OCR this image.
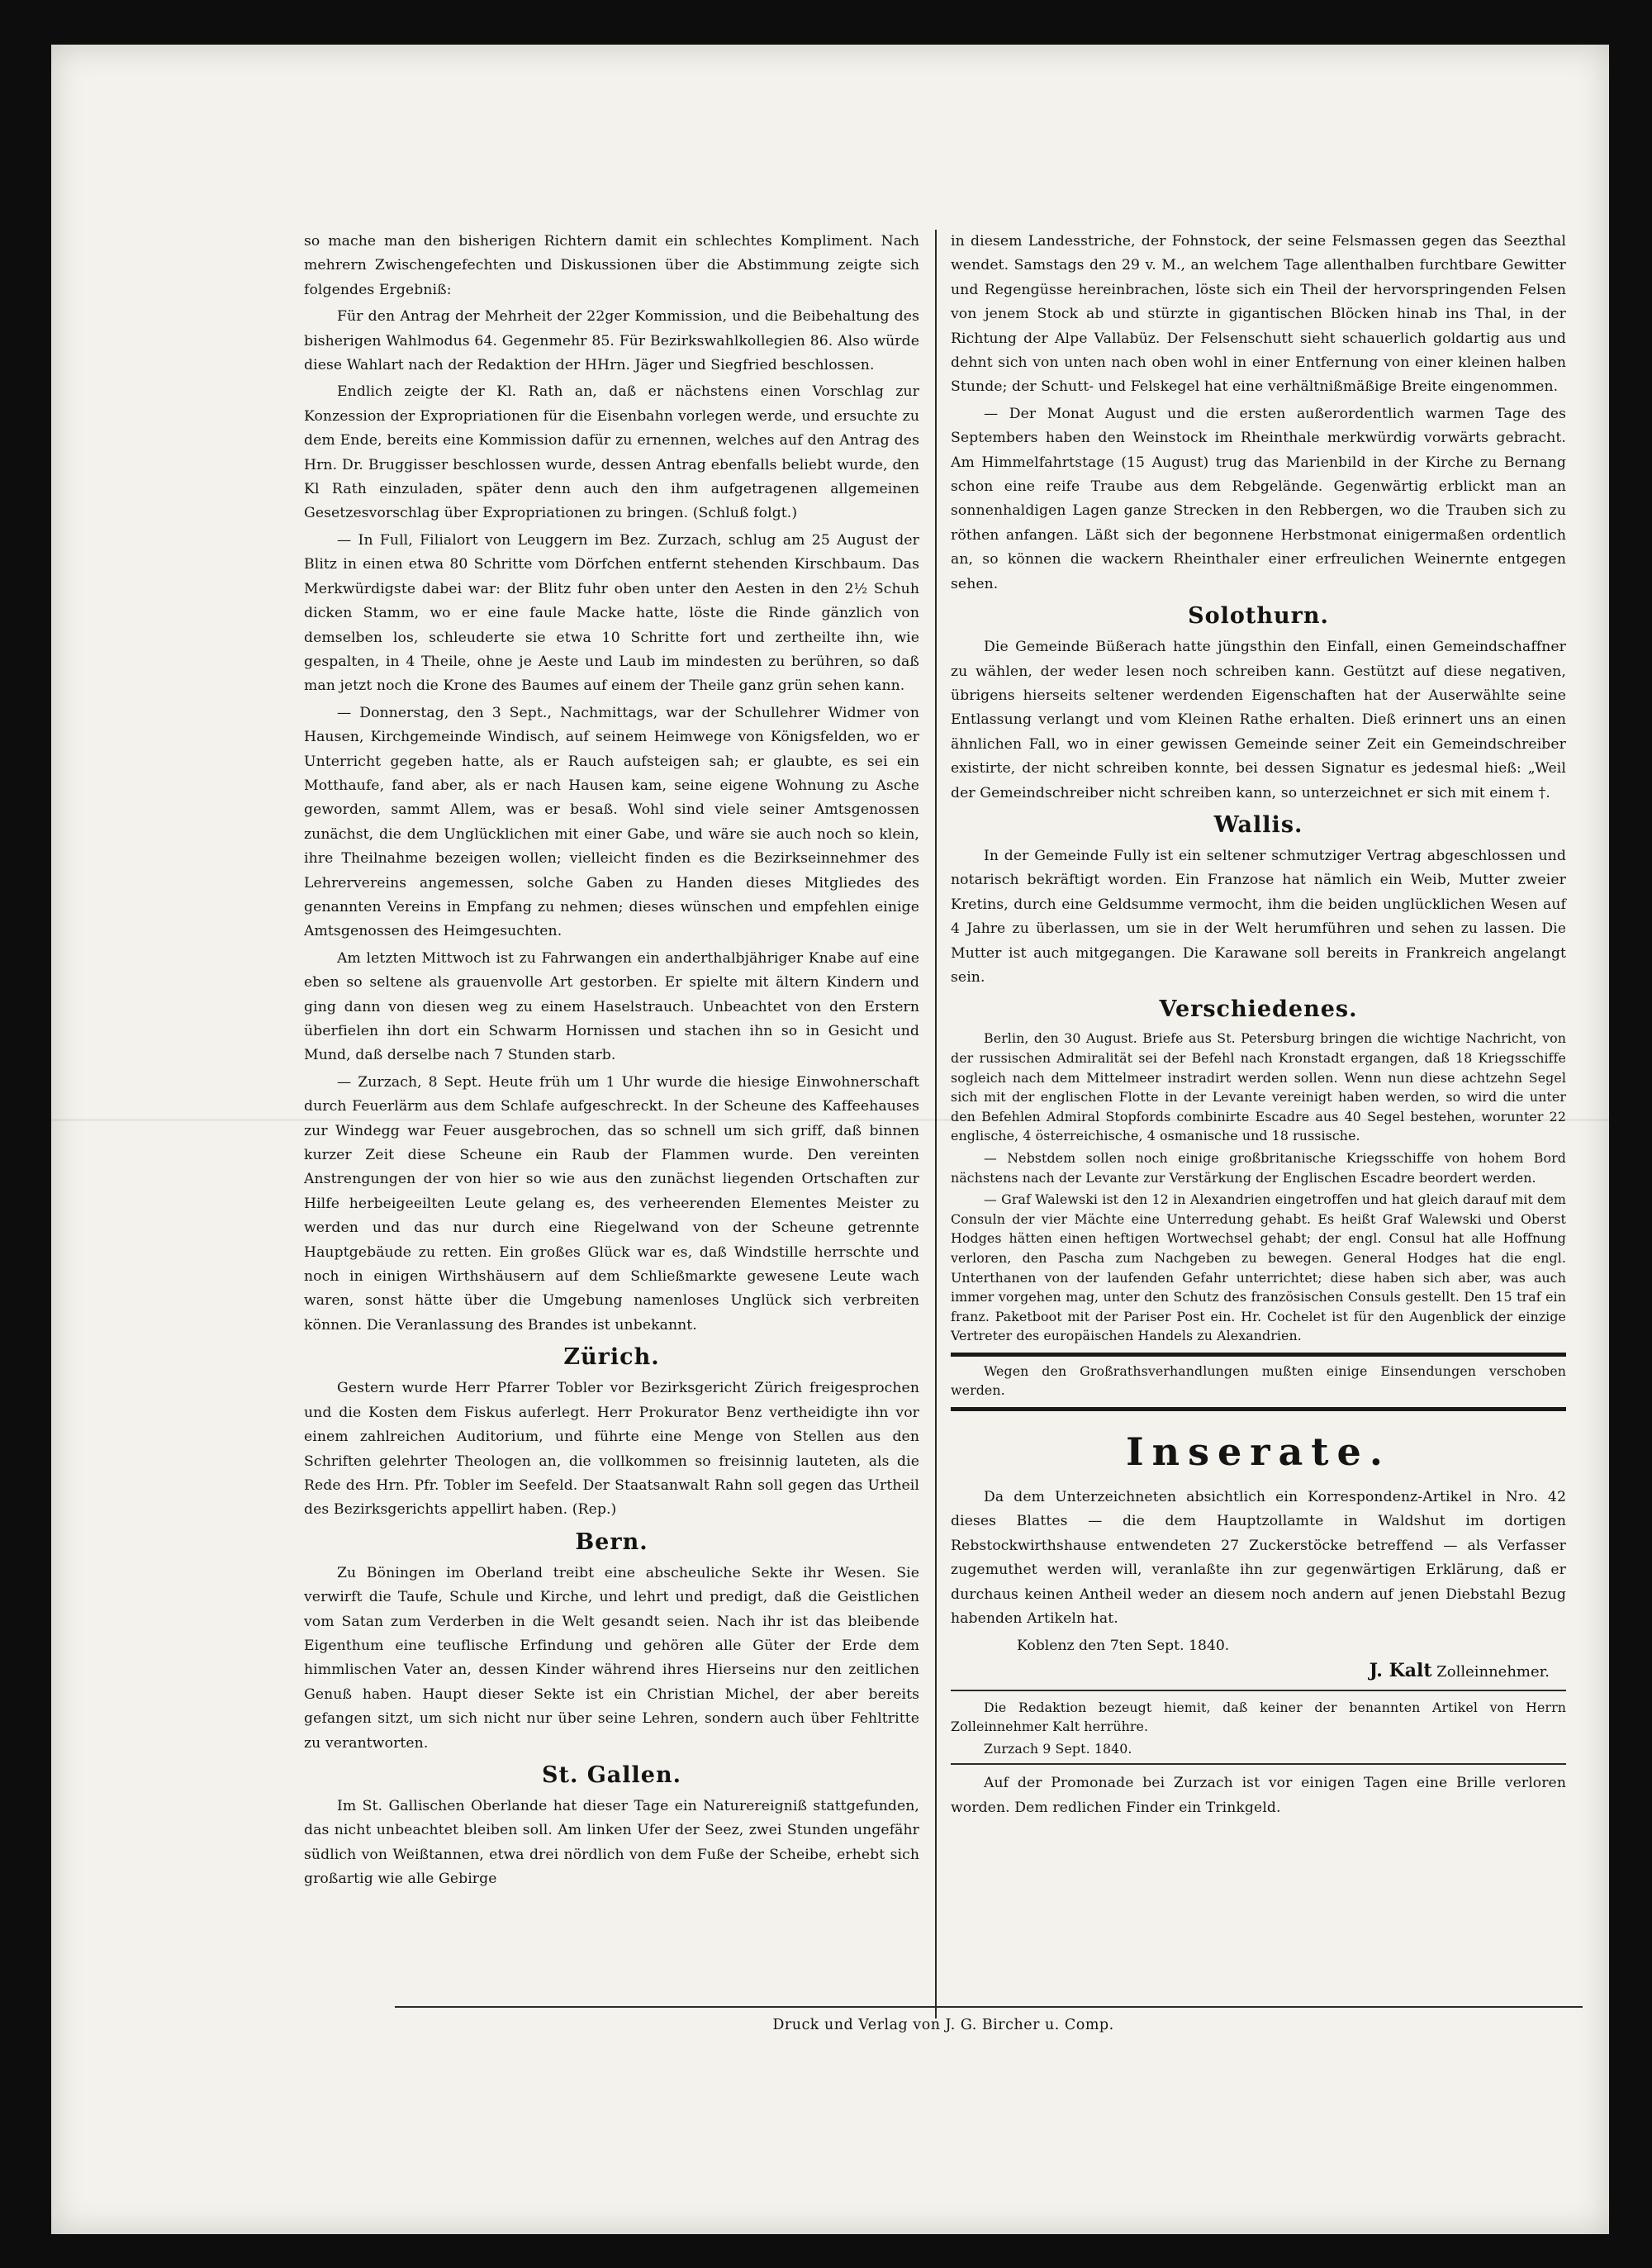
so mache man den bisherigen Richtern damit ein schlechtes Kompliment. Nach mehrern Zwischengefechten und Diskussionen über die Abstimmung zeigte sich folgendes Ergebniß:

Für den Antrag der Mehrheit der 22ger Kommission, und die Beibehaltung des bisherigen Wahlmodus 64. Gegenmehr 85. Für Bezirkswahlkollegien 86. Also würde diese Wahlart nach der Redaktion der HHrn. Jäger und Siegfried beschlossen.

Endlich zeigte der Kl. Rath an, daß er nächstens einen Vorschlag zur Konzession der Expropriationen für die Eisenbahn vorlegen werde, und ersuchte zu dem Ende, bereits eine Kommission dafür zu ernennen, welches auf den Antrag des Hrn. Dr. Bruggisser beschlossen wurde, dessen Antrag ebenfalls beliebt wurde, den Kl Rath einzuladen, später denn auch den ihm aufgetragenen allgemeinen Gesetzesvorschlag über Expropriationen zu bringen. (Schluß folgt.)

— In Full, Filialort von Leuggern im Bez. Zurzach, schlug am 25 August der Blitz in einen etwa 80 Schritte vom Dörfchen entfernt stehenden Kirschbaum. Das Merkwürdigste dabei war: der Blitz fuhr oben unter den Aesten in den 2½ Schuh dicken Stamm, wo er eine faule Macke hatte, löste die Rinde gänzlich von demselben los, schleuderte sie etwa 10 Schritte fort und zertheilte ihn, wie gespalten, in 4 Theile, ohne je Aeste und Laub im mindesten zu berühren, so daß man jetzt noch die Krone des Baumes auf einem der Theile ganz grün sehen kann.

— Donnerstag, den 3 Sept., Nachmittags, war der Schullehrer Widmer von Hausen, Kirchgemeinde Windisch, auf seinem Heimwege von Königsfelden, wo er Unterricht gegeben hatte, als er Rauch aufsteigen sah; er glaubte, es sei ein Motthaufe, fand aber, als er nach Hausen kam, seine eigene Wohnung zu Asche geworden, sammt Allem, was er besaß. Wohl sind viele seiner Amtsgenossen zunächst, die dem Unglücklichen mit einer Gabe, und wäre sie auch noch so klein, ihre Theilnahme bezeigen wollen; vielleicht finden es die Bezirkseinnehmer des Lehrervereins angemessen, solche Gaben zu Handen dieses Mitgliedes des genannten Vereins in Empfang zu nehmen; dieses wünschen und empfehlen einige Amtsgenossen des Heimgesuchten.

Am letzten Mittwoch ist zu Fahrwangen ein anderthalbjähriger Knabe auf eine eben so seltene als grauenvolle Art gestorben. Er spielte mit ältern Kindern und ging dann von diesen weg zu einem Haselstrauch. Unbeachtet von den Erstern überfielen ihn dort ein Schwarm Hornissen und stachen ihn so in Gesicht und Mund, daß derselbe nach 7 Stunden starb.

— Zurzach, 8 Sept. Heute früh um 1 Uhr wurde die hiesige Einwohnerschaft durch Feuerlärm aus dem Schlafe aufgeschreckt. In der Scheune des Kaffeehauses zur Windegg war Feuer ausgebrochen, das so schnell um sich griff, daß binnen kurzer Zeit diese Scheune ein Raub der Flammen wurde. Den vereinten Anstrengungen der von hier so wie aus den zunächst liegenden Ortschaften zur Hilfe herbeigeeilten Leute gelang es, des verheerenden Elementes Meister zu werden und das nur durch eine Riegelwand von der Scheune getrennte Hauptgebäude zu retten. Ein großes Glück war es, daß Windstille herrschte und noch in einigen Wirthshäusern auf dem Schließmarkte gewesene Leute wach waren, sonst hätte über die Umgebung namenloses Unglück sich verbreiten können. Die Veranlassung des Brandes ist unbekannt.

Zürich.

Gestern wurde Herr Pfarrer Tobler vor Bezirksgericht Zürich freigesprochen und die Kosten dem Fiskus auferlegt. Herr Prokurator Benz vertheidigte ihn vor einem zahlreichen Auditorium, und führte eine Menge von Stellen aus den Schriften gelehrter Theologen an, die vollkommen so freisinnig lauteten, als die Rede des Hrn. Pfr. Tobler im Seefeld. Der Staatsanwalt Rahn soll gegen das Urtheil des Bezirksgerichts appellirt haben. (Rep.)

Bern.

Zu Böningen im Oberland treibt eine abscheuliche Sekte ihr Wesen. Sie verwirft die Taufe, Schule und Kirche, und lehrt und predigt, daß die Geistlichen vom Satan zum Verderben in die Welt gesandt seien. Nach ihr ist das bleibende Eigenthum eine teuflische Erfindung und gehören alle Güter der Erde dem himmlischen Vater an, dessen Kinder während ihres Hierseins nur den zeitlichen Genuß haben. Haupt dieser Sekte ist ein Christian Michel, der aber bereits gefangen sitzt, um sich nicht nur über seine Lehren, sondern auch über Fehltritte zu verantworten.

St. Gallen.

Im St. Gallischen Oberlande hat dieser Tage ein Naturereigniß stattgefunden, das nicht unbeachtet bleiben soll. Am linken Ufer der Seez, zwei Stunden ungefähr südlich von Weißtannen, etwa drei nördlich von dem Fuße der Scheibe, erhebt sich großartig wie alle Gebirge

in diesem Landesstriche, der Fohnstock, der seine Felsmassen gegen das Seezthal wendet. Samstags den 29 v. M., an welchem Tage allenthalben furchtbare Gewitter und Regengüsse hereinbrachen, löste sich ein Theil der hervorspringenden Felsen von jenem Stock ab und stürzte in gigantischen Blöcken hinab ins Thal, in der Richtung der Alpe Vallabüz. Der Felsenschutt sieht schauerlich goldartig aus und dehnt sich von unten nach oben wohl in einer Entfernung von einer kleinen halben Stunde; der Schutt- und Felskegel hat eine verhältnißmäßige Breite eingenommen.

— Der Monat August und die ersten außerordentlich warmen Tage des Septembers haben den Weinstock im Rheinthale merkwürdig vorwärts gebracht. Am Himmelfahrtstage (15 August) trug das Marienbild in der Kirche zu Bernang schon eine reife Traube aus dem Rebgelände. Gegenwärtig erblickt man an sonnenhaldigen Lagen ganze Strecken in den Rebbergen, wo die Trauben sich zu röthen anfangen. Läßt sich der begonnene Herbstmonat einigermaßen ordentlich an, so können die wackern Rheinthaler einer erfreulichen Weinernte entgegen sehen.

Solothurn.

Die Gemeinde Büßerach hatte jüngsthin den Einfall, einen Gemeindschaffner zu wählen, der weder lesen noch schreiben kann. Gestützt auf diese negativen, übrigens hierseits seltener werdenden Eigenschaften hat der Auserwählte seine Entlassung verlangt und vom Kleinen Rathe erhalten. Dieß erinnert uns an einen ähnlichen Fall, wo in einer gewissen Gemeinde seiner Zeit ein Gemeindschreiber existirte, der nicht schreiben konnte, bei dessen Signatur es jedesmal hieß: „Weil der Gemeindschreiber nicht schreiben kann, so unterzeichnet er sich mit einem †.

Wallis.

In der Gemeinde Fully ist ein seltener schmutziger Vertrag abgeschlossen und notarisch bekräftigt worden. Ein Franzose hat nämlich ein Weib, Mutter zweier Kretins, durch eine Geldsumme vermocht, ihm die beiden unglücklichen Wesen auf 4 Jahre zu überlassen, um sie in der Welt herumführen und sehen zu lassen. Die Mutter ist auch mitgegangen. Die Karawane soll bereits in Frankreich angelangt sein.

Verschiedenes.

Berlin, den 30 August. Briefe aus St. Petersburg bringen die wichtige Nachricht, von der russischen Admiralität sei der Befehl nach Kronstadt ergangen, daß 18 Kriegsschiffe sogleich nach dem Mittelmeer instradirt werden sollen. Wenn nun diese achtzehn Segel sich mit der englischen Flotte in der Levante vereinigt haben werden, so wird die unter den Befehlen Admiral Stopfords combinirte Escadre aus 40 Segel bestehen, worunter 22 englische, 4 österreichische, 4 osmanische und 18 russische.

— Nebstdem sollen noch einige großbritanische Kriegsschiffe von hohem Bord nächstens nach der Levante zur Verstärkung der Englischen Escadre beordert werden.

— Graf Walewski ist den 12 in Alexandrien eingetroffen und hat gleich darauf mit dem Consuln der vier Mächte eine Unterredung gehabt. Es heißt Graf Walewski und Oberst Hodges hätten einen heftigen Wortwechsel gehabt; der engl. Consul hat alle Hoffnung verloren, den Pascha zum Nachgeben zu bewegen. General Hodges hat die engl. Unterthanen von der laufenden Gefahr unterrichtet; diese haben sich aber, was auch immer vorgehen mag, unter den Schutz des französischen Consuls gestellt. Den 15 traf ein franz. Paketboot mit der Pariser Post ein. Hr. Cochelet ist für den Augenblick der einzige Vertreter des europäischen Handels zu Alexandrien.

Wegen den Großrathsverhandlungen mußten einige Einsendungen verschoben werden.

Inserate.

Da dem Unterzeichneten absichtlich ein Korrespondenz-Artikel in Nro. 42 dieses Blattes — die dem Hauptzollamte in Waldshut im dortigen Rebstockwirthshause entwendeten 27 Zuckerstöcke betreffend — als Verfasser zugemuthet werden will, veranlaßte ihn zur gegenwärtigen Erklärung, daß er durchaus keinen Antheil weder an diesem noch andern auf jenen Diebstahl Bezug habenden Artikeln hat.

Koblenz den 7ten Sept. 1840.
J. Kalt Zolleinnehmer.

Die Redaktion bezeugt hiemit, daß keiner der benannten Artikel von Herrn Zolleinnehmer Kalt herrühre.

Zurzach 9 Sept. 1840.

Auf der Promonade bei Zurzach ist vor einigen Tagen eine Brille verloren worden. Dem redlichen Finder ein Trinkgeld.

Druck und Verlag von J. G. Bircher u. Comp.
